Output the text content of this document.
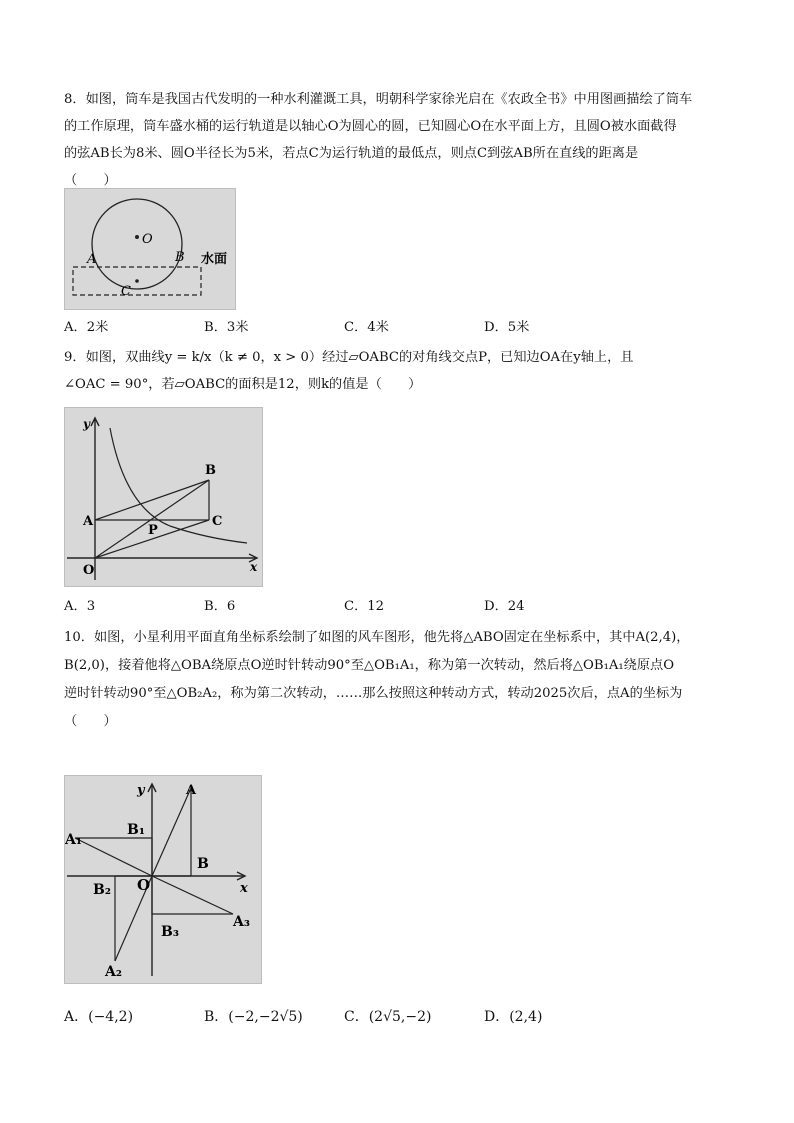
8．如图，筒车是我国古代发明的一种水利灌溉工具，明朝科学家徐光启在《农政全书》中用图画描绘了筒车
的工作原理，筒车盛水桶的运行轨道是以轴心O为圆心的圆，已知圆心O在水平面上方，且圆O被水面截得
的弦AB长为8米、圆O半径长为5米，若点C为运行轨道的最低点，则点C到弦AB所在直线的距离是
（　　）
O
A	B
C
水面
A．2米	B．3米	C．4米	D．5米
9．如图，双曲线y = k/x（k ≠ 0，x > 0）经过▱OABC的对角线交点P，已知边OA在y轴上，且
∠OAC = 90°，若▱OABC的面积是12，则k的值是（　　）
y
x
O
A
B
C
P
A．3	B．6	C．12	D．24
10．如图，小星利用平面直角坐标系绘制了如图的风车图形，他先将△ABO固定在坐标系中，其中A(2,4)，
B(2,0)，接着他将△OBA绕原点O逆时针转动90°至△OB₁A₁，称为第一次转动，然后将△OB₁A₁绕原点O
逆时针转动90°至△OB₂A₂，称为第二次转动，……那么按照这种转动方式，转动2025次后，点A的坐标为
（　　）
y
x
O
A
B
A₁
B₁
B₂
A₂
A₃
B₃
A．(−4,2)	B．(−2,−2√5)	C．(2√5,−2)	D．(2,4)
